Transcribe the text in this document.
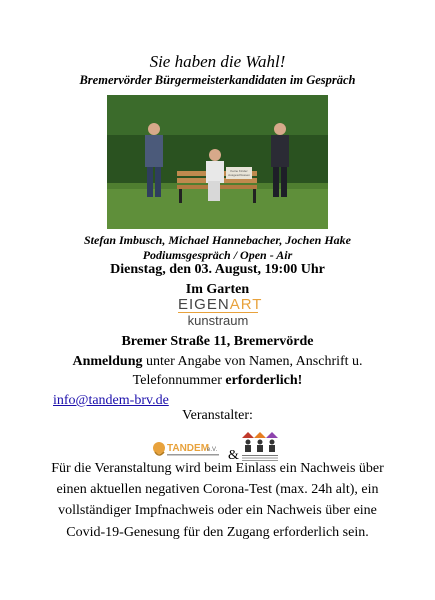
Sie haben die Wahl!
Bremervörder Bürgermeisterkandidaten im Gespräch
Keine Kinder
Ausgeschlossen
Stefan Imbusch, Michael Hannebacher, Jochen Hake
Podiumsgespräch / Open - Air
Dienstag, den 03. August, 19:00 Uhr
Im Garten
EIGENART
kunstraum
Bremer Straße 11, Bremervörde
Anmeldung unter Angabe von Namen, Anschrift u.
Telefonnummer erforderlich!
info@tandem-brv.de
Veranstalter:
TANDEM
e.V. &
Für die Veranstaltung wird beim Einlass ein Nachweis über einen aktuellen negativen Corona-Test (max. 24h alt), ein vollständiger Impfnachweis oder ein Nachweis über eine Covid-19-Genesung für den Zugang erforderlich sein.
